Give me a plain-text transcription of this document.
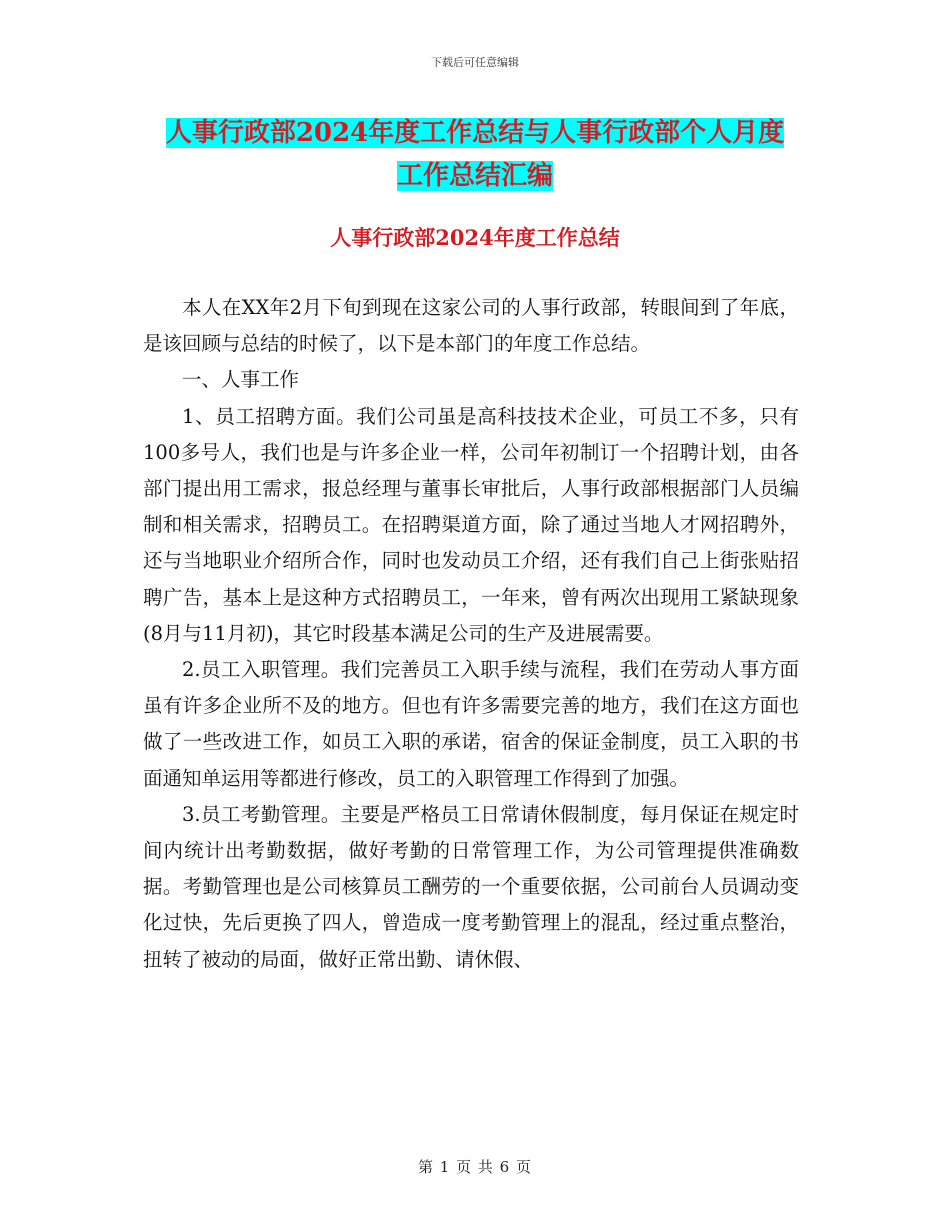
下载后可任意编辑
人事行政部2024年度工作总结与人事行政部个人月度
工作总结汇编
人事行政部2024年度工作总结

本人在XX年2月下旬到现在这家公司的人事行政部，转眼间到了年底，是该回顾与总结的时候了，以下是本部门的年度工作总结。

一、人事工作

1、员工招聘方面。我们公司虽是高科技技术企业，可员工不多，只有100多号人，我们也是与许多企业一样，公司年初制订一个招聘计划，由各部门提出用工需求，报总经理与董事长审批后，人事行政部根据部门人员编制和相关需求，招聘员工。在招聘渠道方面，除了通过当地人才网招聘外，还与当地职业介绍所合作，同时也发动员工介绍，还有我们自己上街张贴招聘广告，基本上是这种方式招聘员工，一年来，曾有两次出现用工紧缺现象(8月与11月初)，其它时段基本满足公司的生产及进展需要。

2.员工入职管理。我们完善员工入职手续与流程，我们在劳动人事方面虽有许多企业所不及的地方。但也有许多需要完善的地方，我们在这方面也做了一些改进工作，如员工入职的承诺，宿舍的保证金制度，员工入职的书面通知单运用等都进行修改，员工的入职管理工作得到了加强。

3.员工考勤管理。主要是严格员工日常请休假制度，每月保证在规定时间内统计出考勤数据，做好考勤的日常管理工作，为公司管理提供准确数据。考勤管理也是公司核算员工酬劳的一个重要依据，公司前台人员调动变化过快，先后更换了四人，曾造成一度考勤管理上的混乱，经过重点整治，扭转了被动的局面，做好正常出勤、请休假、

第 1 页 共 6 页
